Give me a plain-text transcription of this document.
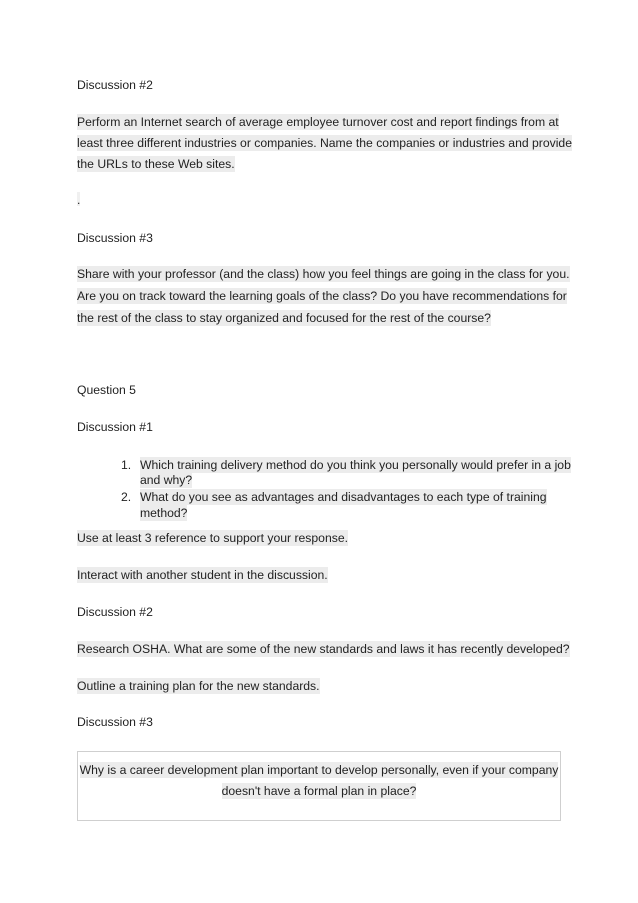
Discussion #2
Perform an Internet search of average employee turnover cost and report findings from at
least three different industries or companies. Name the companies or industries and provide
the URLs to these Web sites.
.
Discussion #3
Share with your professor (and the class) how you feel things are going in the class for you.
Are you on track toward the learning goals of the class? Do you have recommendations for
the rest of the class to stay organized and focused for the rest of the course?
Question 5
Discussion #1
1. Which training delivery method do you think you personally would prefer in a job
and why?
2. What do you see as advantages and disadvantages to each type of training
method?
Use at least 3 reference to support your response.
Interact with another student in the discussion.
Discussion #2
Research OSHA. What are some of the new standards and laws it has recently developed?
Outline a training plan for the new standards.
Discussion #3
Why is a career development plan important to develop personally, even if your company
doesn't have a formal plan in place?
